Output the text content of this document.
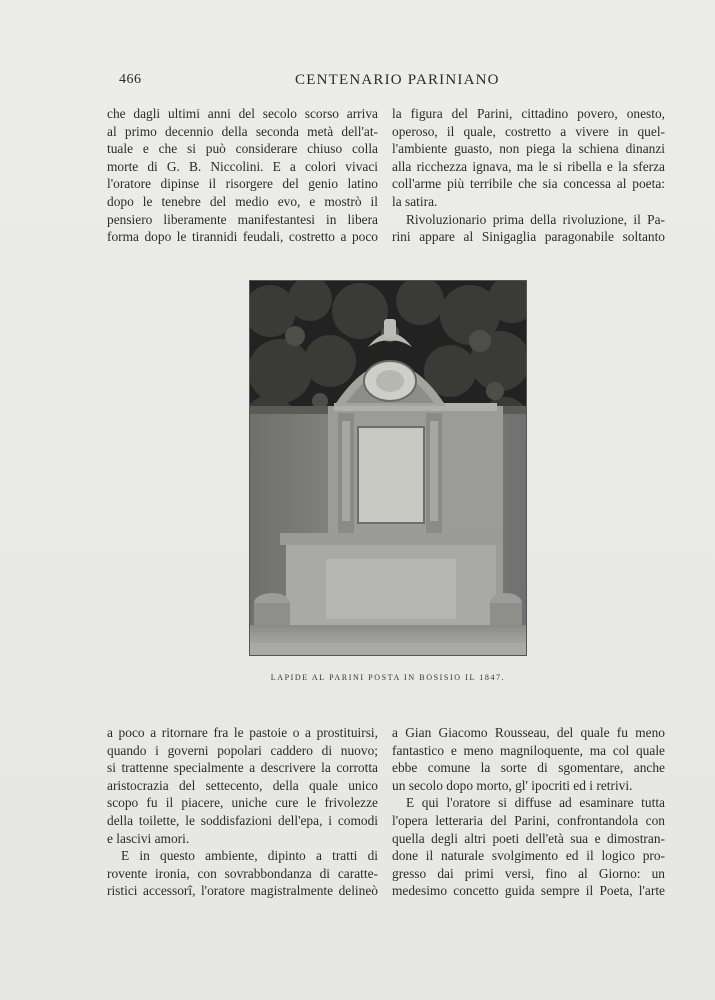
466	CENTENARIO PARINIANO
che dagli ultimi anni del secolo scorso arriva
al primo decennio della seconda metà dell'at-
tuale e che si può considerare chiuso colla
morte di G. B. Niccolini. E a colori vivaci
l'oratore dipinse il risorgere del genio latino
dopo le tenebre del medio evo, e mostrò il
pensiero liberamente manifestantesi in libera
forma dopo le tirannidi feudali, costretto a poco
la figura del Parini, cittadino povero, onesto,
operoso, il quale, costretto a vivere in quel-
l'ambiente guasto, non piega la schiena dinanzi
alla ricchezza ignava, ma le si ribella e la sferza
coll'arme più terribile che sia concessa al poeta:
la satira.
Rivoluzionario prima della rivoluzione, il Pa-
rini appare al Sinigaglia paragonabile soltanto
LAPIDE AL PARINI POSTA IN BOSISIO IL 1847.
a poco a ritornare fra le pastoie o a prostituirsi,
quando i governi popolari caddero di nuovo;
si trattenne specialmente a descrivere la corrotta
aristocrazia del settecento, della quale unico
scopo fu il piacere, uniche cure le frivolezze
della toilette, le soddisfazioni dell'epa, i comodi
e lascivi amori.
E in questo ambiente, dipinto a tratti di
rovente ironia, con sovrabbondanza di caratte-
ristici accessorî, l'oratore magistralmente delineò
a Gian Giacomo Rousseau, del quale fu meno
fantastico e meno magniloquente, ma col quale
ebbe comune la sorte di sgomentare, anche
un secolo dopo morto, gl' ipocriti ed i retrivi.
E qui l'oratore si diffuse ad esaminare tutta
l'opera letteraria del Parini, confrontandola con
quella degli altri poeti dell'età sua e dimostran-
done il naturale svolgimento ed il logico pro-
gresso dai primi versi, fino al Giorno: un
medesimo concetto guida sempre il Poeta, l'arte
